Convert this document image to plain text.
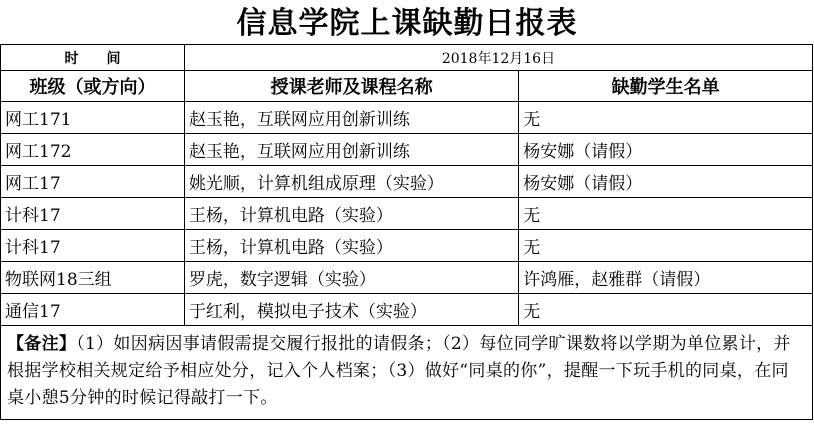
信息学院上课缺勤日报表
时　　间	2018年12月16日	
班级（或方向）	授课老师及课程名称	缺勤学生名单
网工171	赵玉艳，互联网应用创新训练	无
网工172	赵玉艳，互联网应用创新训练	杨安娜（请假）
网工17	姚光顺，计算机组成原理（实验）	杨安娜（请假）
计科17	王杨，计算机电路（实验）	无
计科17	王杨，计算机电路（实验）	无
物联网18三组	罗虎，数字逻辑（实验）	许鸿雁，赵雅群（请假）
通信17	于红利，模拟电子技术（实验）	无
【备注】（1）如因病因事请假需提交履行报批的请假条；（2）每位同学旷课数将以学期为单位累计，并根据学校相关规定给予相应处分，记入个人档案；（3）做好“同桌的你”，提醒一下玩手机的同桌，在同桌小憩5分钟的时候记得敲打一下。		
